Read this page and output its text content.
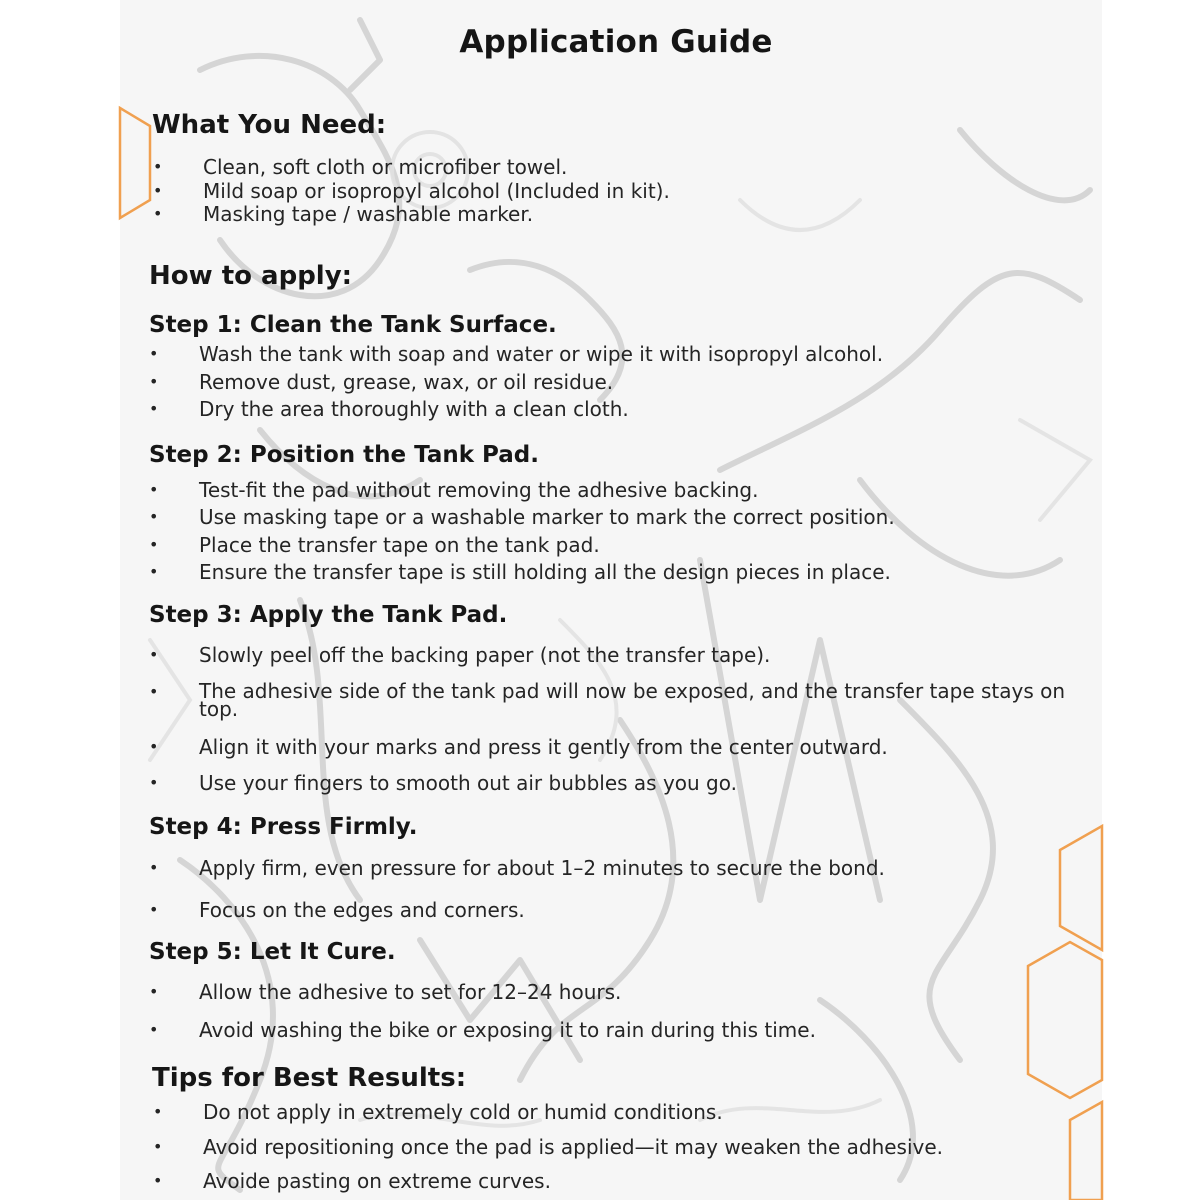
Application Guide
What You Need:
• Clean, soft cloth or microfiber towel.
• Mild soap or isopropyl alcohol (Included in kit).
• Masking tape / washable marker.
How to apply:
Step 1: Clean the Tank Surface.
• Wash the tank with soap and water or wipe it with isopropyl alcohol.
• Remove dust, grease, wax, or oil residue.
• Dry the area thoroughly with a clean cloth.
Step 2: Position the Tank Pad.
• Test-fit the pad without removing the adhesive backing.
• Use masking tape or a washable marker to mark the correct position.
• Place the transfer tape on the tank pad.
• Ensure the transfer tape is still holding all the design pieces in place.
Step 3: Apply the Tank Pad.
• Slowly peel off the backing paper (not the transfer tape).
• The adhesive side of the tank pad will now be exposed, and the transfer tape stays on top.
• Align it with your marks and press it gently from the center outward.
• Use your fingers to smooth out air bubbles as you go.
Step 4: Press Firmly.
• Apply firm, even pressure for about 1–2 minutes to secure the bond.
• Focus on the edges and corners.
Step 5: Let It Cure.
• Allow the adhesive to set for 12–24 hours.
• Avoid washing the bike or exposing it to rain during this time.
Tips for Best Results:
• Do not apply in extremely cold or humid conditions.
• Avoid repositioning once the pad is applied—it may weaken the adhesive.
• Avoide pasting on extreme curves.
